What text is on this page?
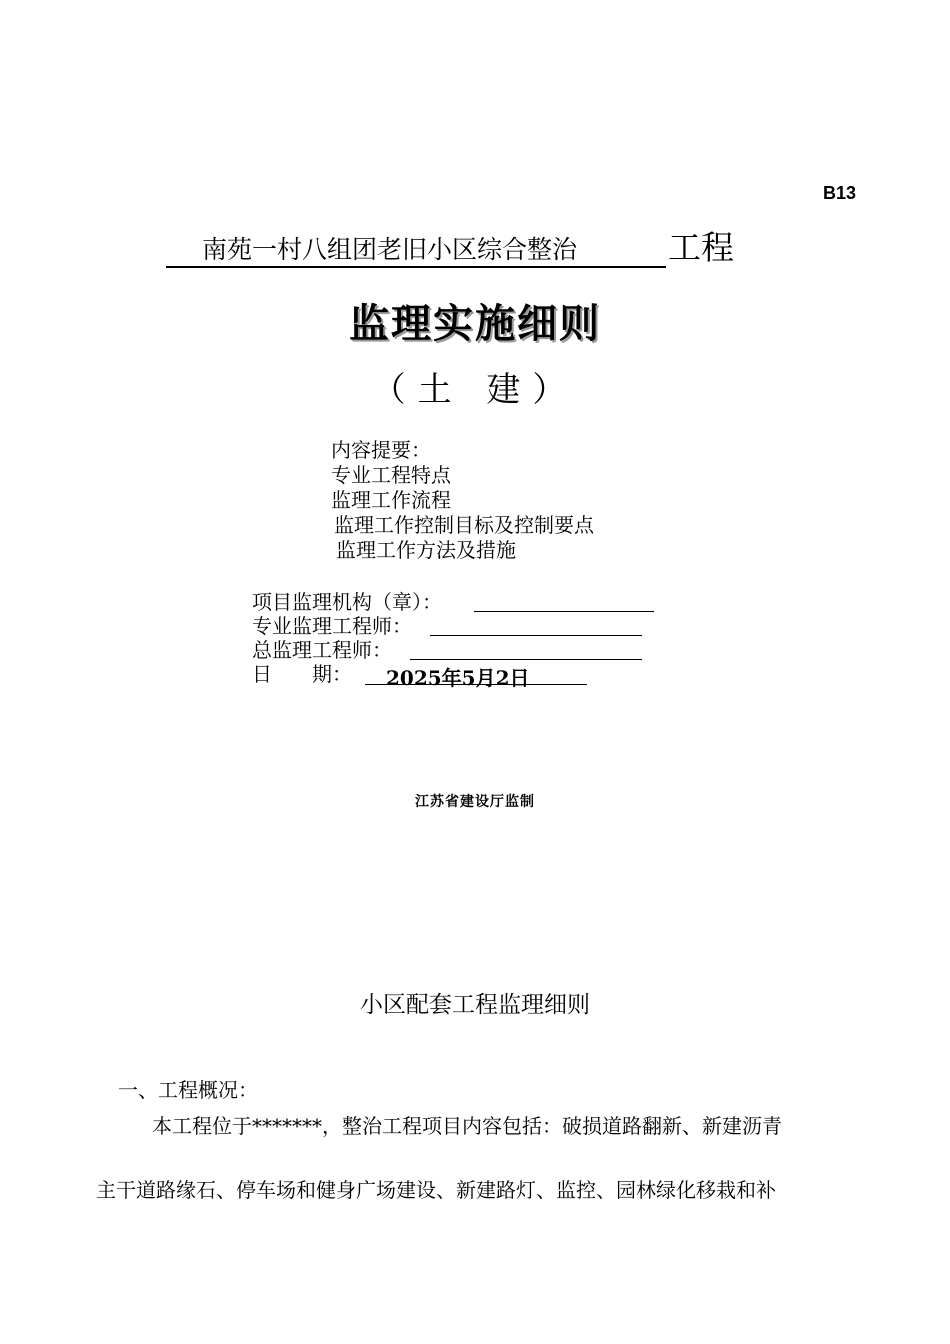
B13
南苑一村八组团老旧小区综合整治	工程
监理实施细则
（土 建）
内容提要：
专业工程特点
监理工作流程
监理工作控制目标及控制要点
监理工作方法及措施
项目监理机构（章）：
专业监理工程师：
总监理工程师：
日　　期： 2025年5月2日
江苏省建设厅监制
小区配套工程监理细则
一、工程概况：
本工程位于*******，整治工程项目内容包括：破损道路翻新、新建沥青
主干道路缘石、停车场和健身广场建设、新建路灯、监控、园林绿化移栽和补
